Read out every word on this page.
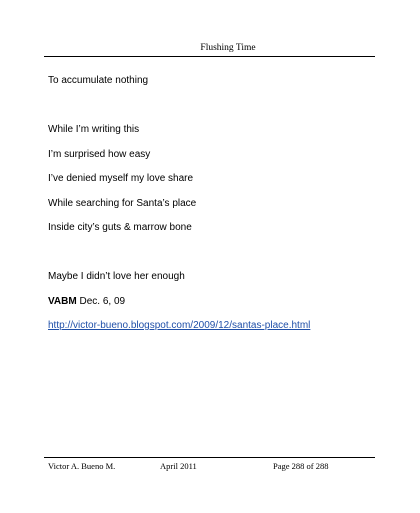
Flushing Time
To accumulate nothing
While I’m writing this
I’m surprised how easy
I’ve denied myself my love share
While searching for Santa’s place
Inside city’s guts & marrow bone
Maybe I didn’t love her enough
VABM Dec. 6, 09
http://victor-bueno.blogspot.com/2009/12/santas-place.html
Victor A. Bueno M.	April 2011	Page 288 of 288
